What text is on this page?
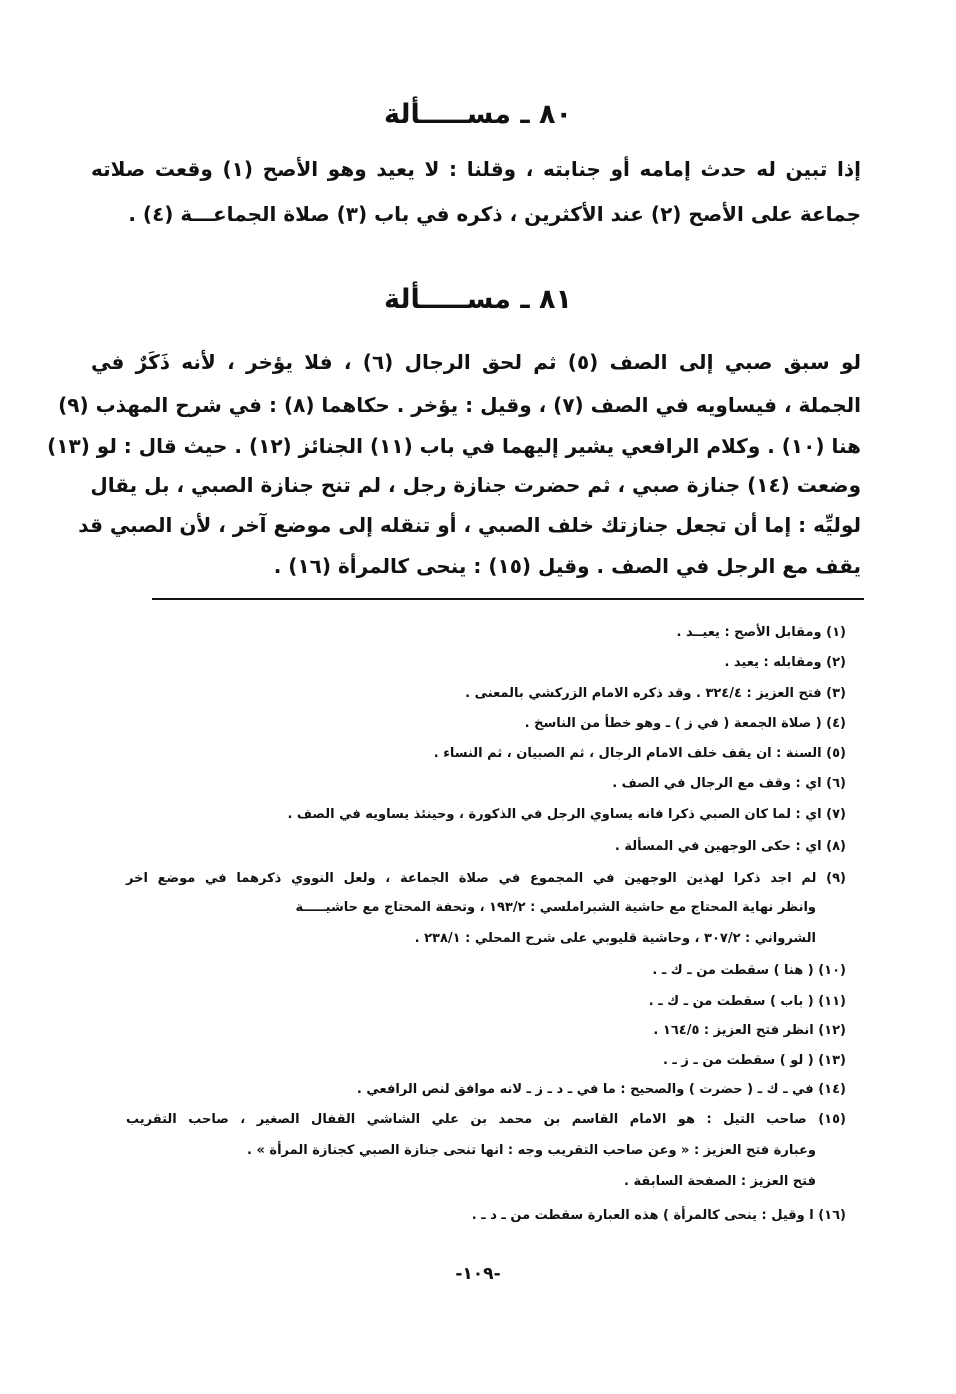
٨٠ ـ مســـــألة
إذا تبين له حدث إمامه أو جنابته ، وقلنا : لا يعيد وهو الأصح (١) وقعت صلاته
جماعة على الأصح (٢) عند الأكثرين ، ذكره في باب (٣) صلاة الجماعـــة (٤) .
٨١ ـ مســـــألة
لو سبق صبي إلى الصف (٥) ثم لحق الرجال (٦) ، فلا يؤخر ، لأنه ذَكَرٌ في
الجملة ، فيساويه في الصف (٧) ، وقيل : يؤخر . حكاهما (٨) : في شرح المهذب (٩)
هنا (١٠) . وكلام الرافعي يشير إليهما في باب (١١) الجنائز (١٢) . حيث قال : لو (١٣)
وضعت (١٤) جنازة صبي ، ثم حضرت جنازة رجل ، لم تنح جنازة الصبي ، بل يقال
لوليِّه : إما أن تجعل جنازتك خلف الصبي ، أو تنقله إلى موضع آخر ، لأن الصبي قد
يقف مع الرجل في الصف . وقيل (١٥) : ينحى كالمرأة (١٦) .
(١) ومقابل الأصح : يعيــد .
(٢) ومقابله : يعيد .
(٣) فتح العزيز : ٣٢٤/٤ . وقد ذكره الامام الزركشي بالمعنى .
(٤) ( صلاة الجمعة ( في ز ) ـ وهو خطأ من الناسخ .
(٥) السنة : ان يقف خلف الامام الرجال ، ثم الصبيان ، ثم النساء .
(٦) اي : وقف مع الرجال في الصف .
(٧) اي : لما كان الصبي ذكرا فانه يساوي الرجل في الذكورة ، وحينئذ يساويه في الصف .
(٨) اي : حكى الوجهين في المسألة .
(٩) لم اجد ذكرا لهذين الوجهين في المجموع في صلاة الجماعة ، ولعل النووي ذكرهما في موضع اخر
وانظر نهاية المحتاج مع حاشية الشبراملسي : ١٩٣/٢ ، وتحفة المحتاج مع حاشيـــــة
الشرواني : ٣٠٧/٢ ، وحاشية قليوبي على شرح المحلي : ٢٣٨/١ .
(١٠) ( هنا ) سقطت من ـ ك ـ .
(١١) ( باب ) سقطت من ـ ك ـ .
(١٢) انظر فتح العزيز : ١٦٤/٥ .
(١٣) ( لو ) سقطت من ـ ز ـ .
(١٤) في ـ ك ـ ( حضرت ) والصحيح : ما في ـ د ـ ز ـ لانه موافق لنص الرافعي .
(١٥) صاحب التيل : هو الامام القاسم بن محمد بن علي الشاشي القفال الصغير ، صاحب التقريب
وعبارة فتح العزيز : « وعن صاحب التقريب وجه : انها تنحى جنازة الصبي كجنازة المرأة » .
فتح العزيز : الصفحة السابقة .
(١٦) ا وقيل : ينحى كالمرأة ) هذه العبارة سقطت من ـ د ـ .
-١٠٩-
